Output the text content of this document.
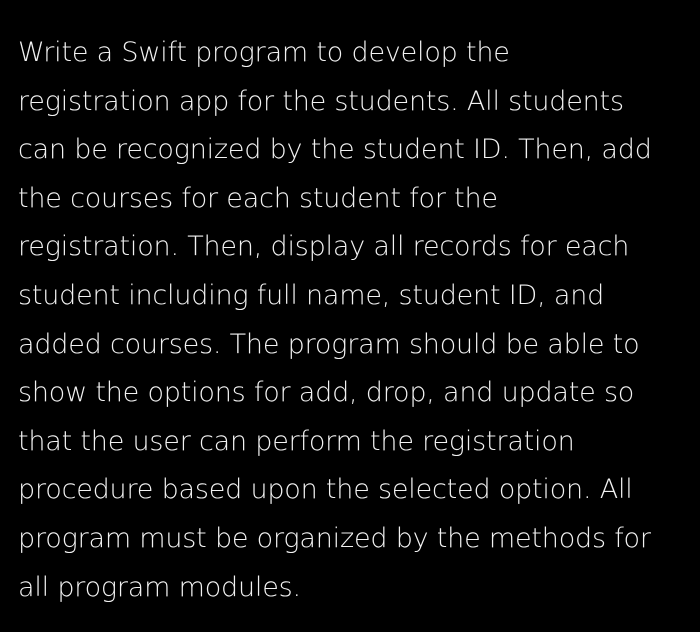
Write a Swift program to develop the
registration app for the students. All students
can be recognized by the student ID. Then, add
the courses for each student for the
registration. Then, display all records for each
student including full name, student ID, and
added courses. The program should be able to
show the options for add, drop, and update so
that the user can perform the registration
procedure based upon the selected option. All
program must be organized by the methods for
all program modules.
